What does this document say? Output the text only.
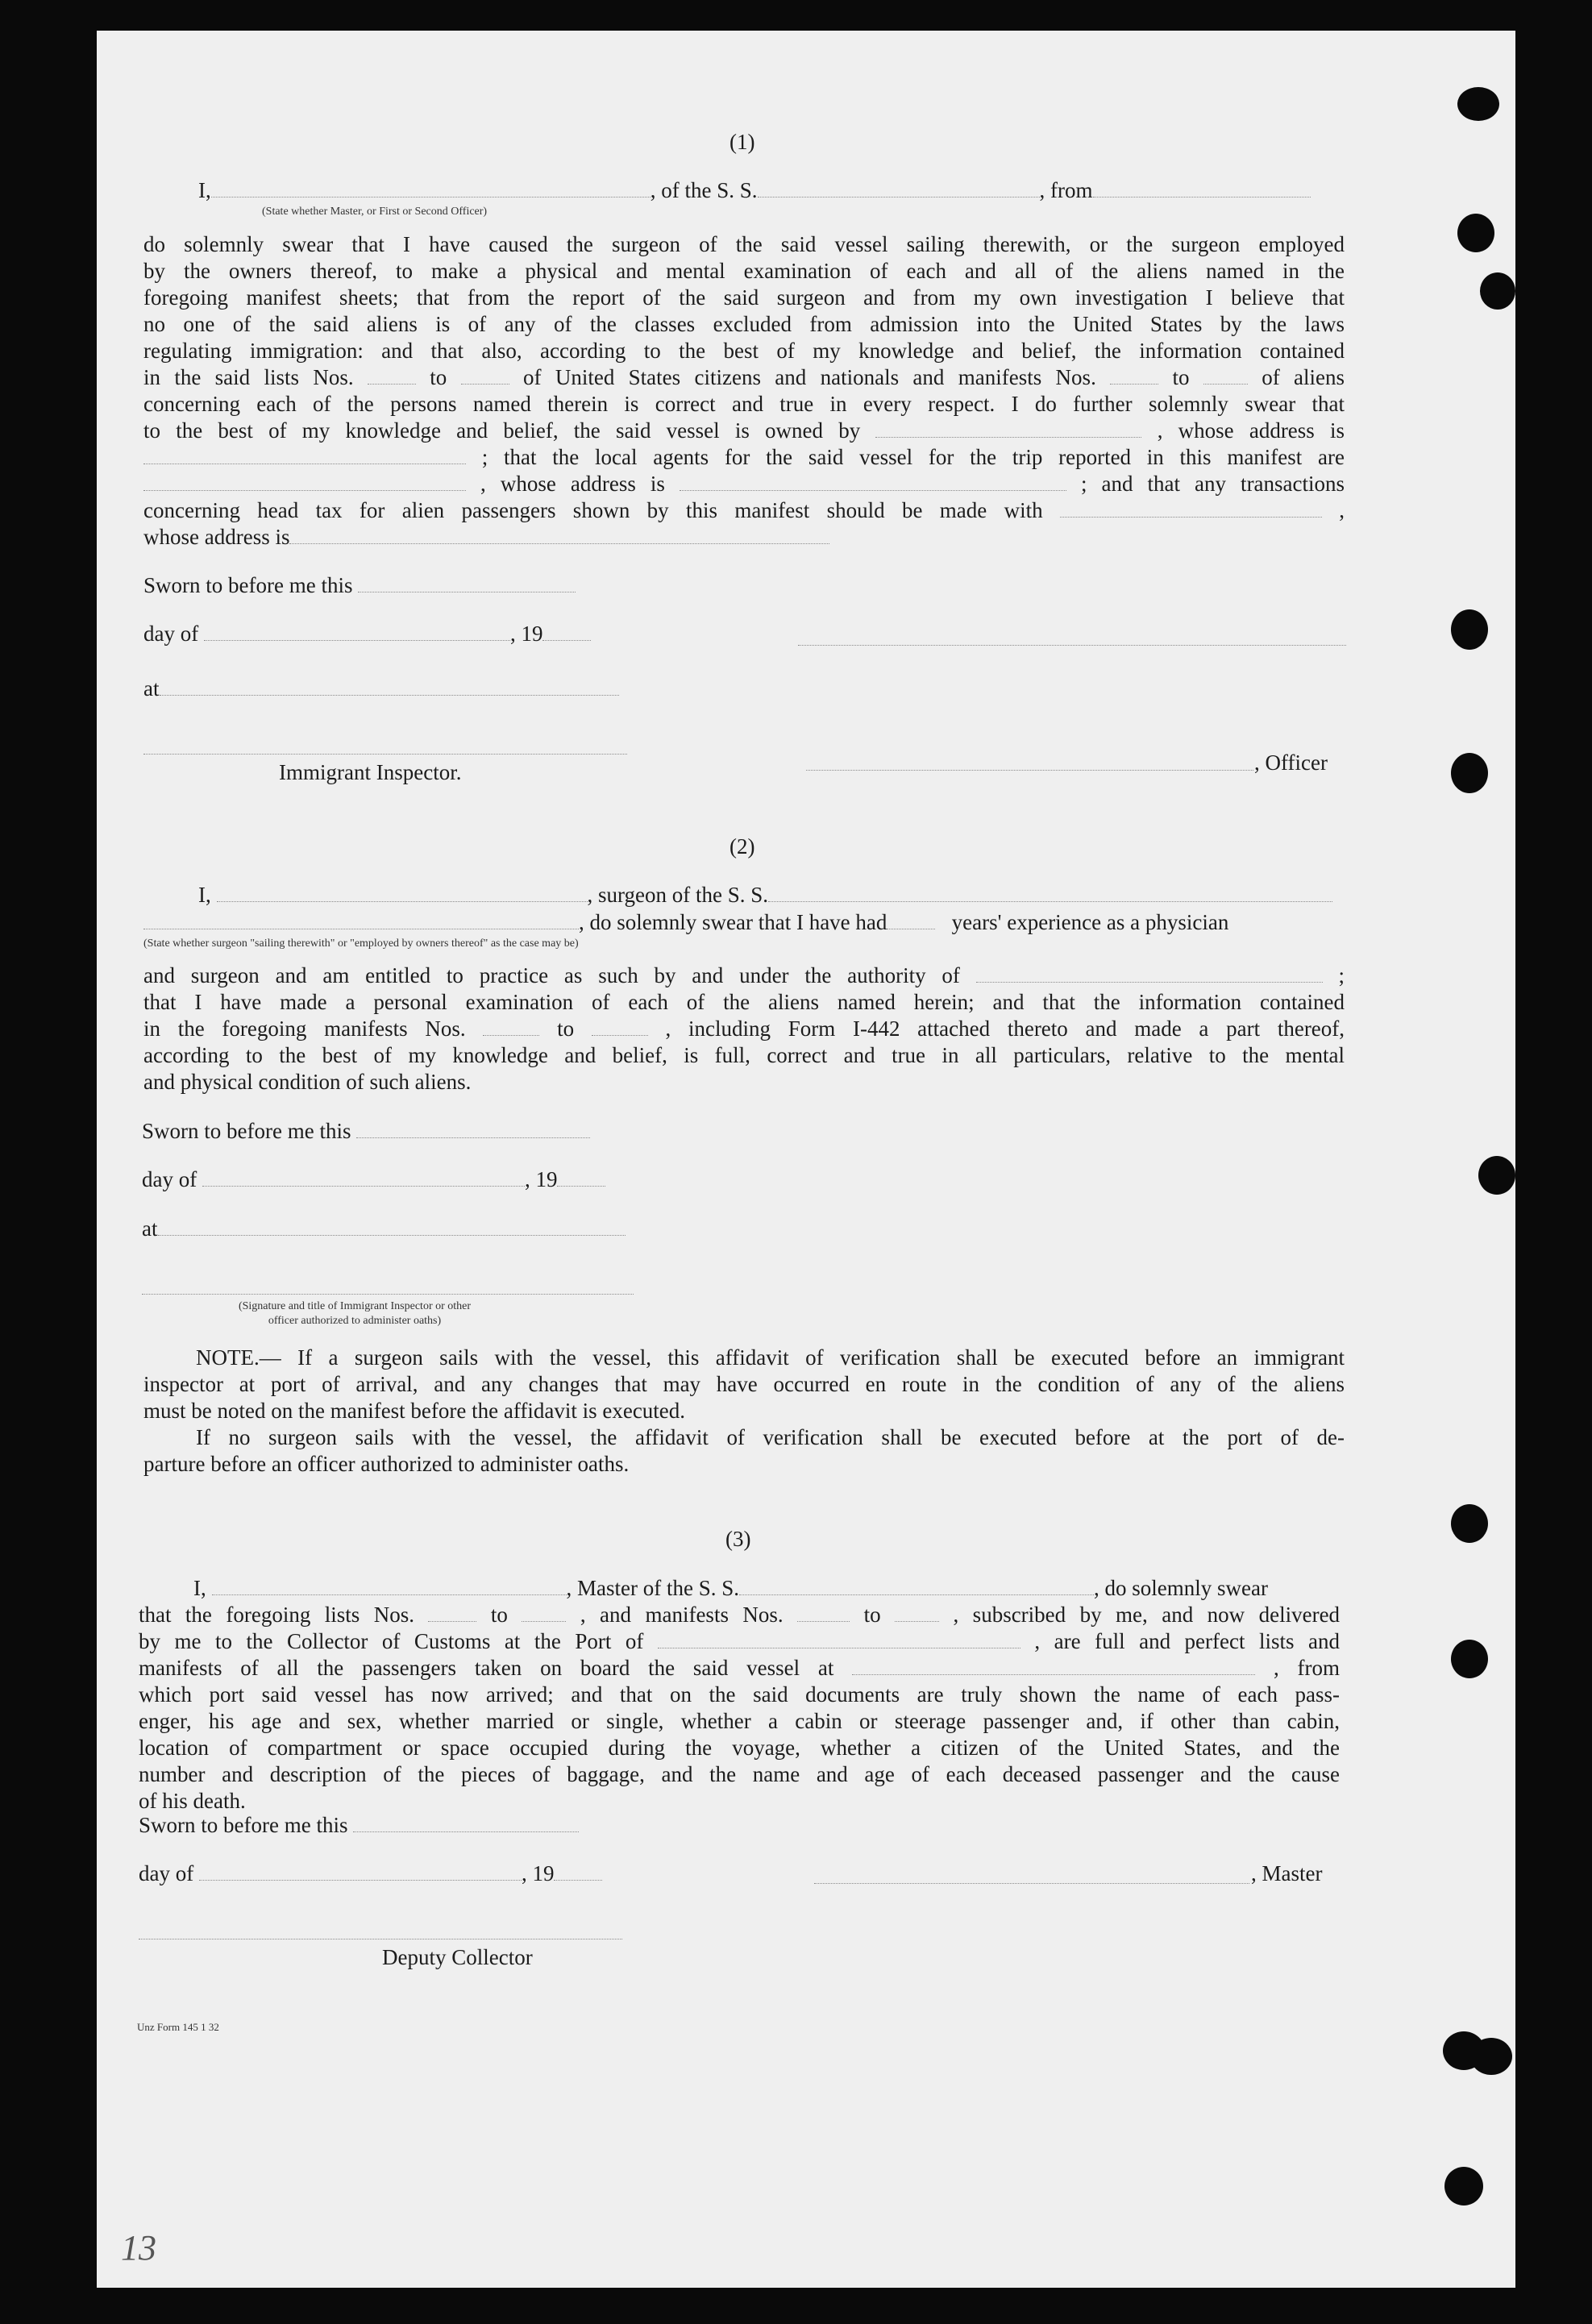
(1)
I,	, of the S. S.	, from
(State whether Master, or First or Second Officer)
do solemnly swear that I have caused the surgeon of the said vessel sailing therewith, or the surgeon employed
by the owners thereof, to make a physical and mental examination of each and all of the aliens named in the
foregoing manifest sheets; that from the report of the said surgeon and from my own investigation I believe that
no one of the said aliens is of any of the classes excluded from admission into the United States by the laws
regulating immigration: and that also, according to the best of my knowledge and belief, the information contained
in the said lists Nos.	to	of United States citizens and nationals and manifests Nos.	to	of aliens
concerning each of the persons named therein is correct and true in every respect. I do further solemnly swear that
to the best of my knowledge and belief, the said vessel is owned by	, whose address is
; that the local agents for the said vessel for the trip reported in this manifest are
, whose address is	; and that any transactions
concerning head tax for alien passengers shown by this manifest should be made with	,
whose address is
Sworn to before me this
day of	, 19
at
Immigrant Inspector.	, Officer
(2)
I,	, surgeon of the S. S.
, do solemnly swear that I have had	years' experience as a physician
(State whether surgeon "sailing therewith" or "employed by owners thereof" as the case may be)
and surgeon and am entitled to practice as such by and under the authority of	;
that I have made a personal examination of each of the aliens named herein; and that the information contained
in the foregoing manifests Nos.	to	, including Form I-442 attached thereto and made a part thereof,
according to the best of my knowledge and belief, is full, correct and true in all particulars, relative to the mental
and physical condition of such aliens.
Sworn to before me this
day of	, 19
at
(Signature and title of Immigrant Inspector or other
officer authorized to administer oaths)
NOTE.— If a surgeon sails with the vessel, this affidavit of verification shall be executed before an immigrant
inspector at port of arrival, and any changes that may have occurred en route in the condition of any of the aliens
must be noted on the manifest before the affidavit is executed.
If no surgeon sails with the vessel, the affidavit of verification shall be executed before at the port of de-
parture before an officer authorized to administer oaths.
(3)
I,	, Master of the S. S.	, do solemnly swear
that the foregoing lists Nos.	to	, and manifests Nos.	to	, subscribed by me, and now delivered
by me to the Collector of Customs at the Port of	, are full and perfect lists and
manifests of all the passengers taken on board the said vessel at	, from
which port said vessel has now arrived; and that on the said documents are truly shown the name of each pass-
enger, his age and sex, whether married or single, whether a cabin or steerage passenger and, if other than cabin,
location of compartment or space occupied during the voyage, whether a citizen of the United States, and the
number and description of the pieces of baggage, and the name and age of each deceased passenger and the cause
of his death.
Sworn to before me this
day of	, 19	, Master
Deputy Collector
Unz Form 145 1 32
13
